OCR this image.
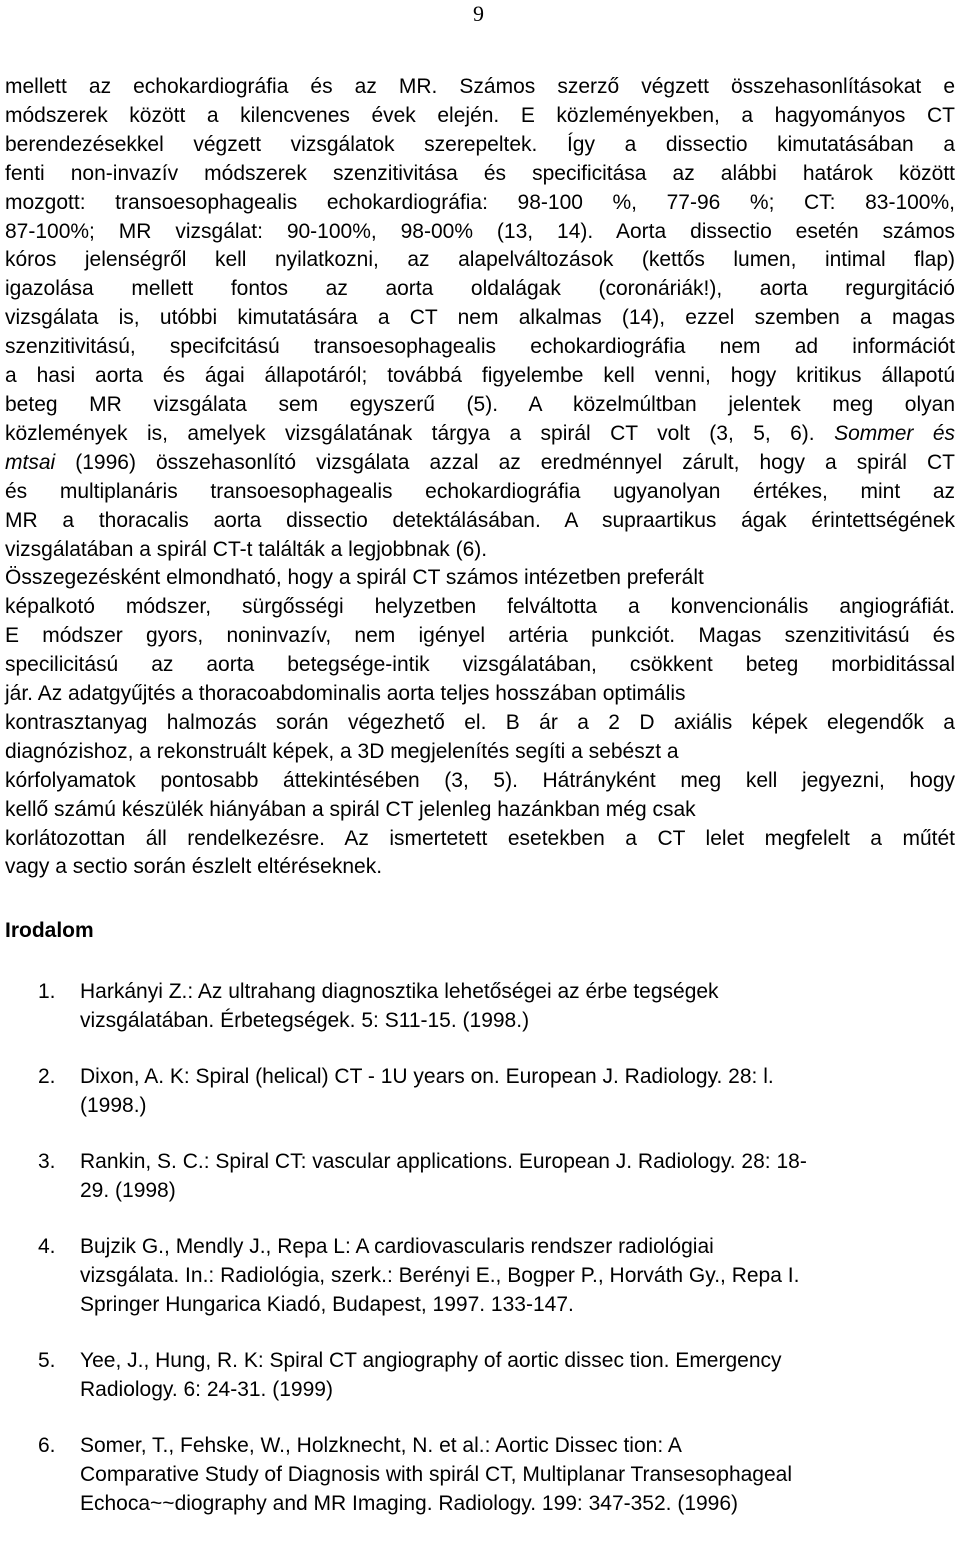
9
mellett az echokardiográfia és az MR. Számos szerző végzett összehasonlításokat e
módszerek között a kilencvenes évek elején. E közleményekben, a hagyományos CT
berendezésekkel végzett vizsgálatok szerepeltek. Így a dissectio kimutatásában a
fenti non-invazív módszerek szenzitivitása és specificitása az alábbi határok között
mozgott: transoesophagealis echokardiográfia: 98-100 %, 77-96 %; CT: 83-100%,
87-100%; MR vizsgálat: 90-100%, 98-00% (13, 14). Aorta dissectio esetén számos
kóros jelenségről kell nyilatkozni, az alapelváltozások (kettős lumen, intimal flap)
igazolása mellett fontos az aorta oldalágak (coronáriák!), aorta regurgitáció
vizsgálata is, utóbbi kimutatására a CT nem alkalmas (14), ezzel szemben a magas
szenzitivitású, specifcitású transoesophagealis echokardiográfia nem ad információt
a hasi aorta és ágai állapotáról; továbbá figyelembe kell venni, hogy kritikus állapotú
beteg MR vizsgálata sem egyszerű (5). A közelmúltban jelentek meg olyan
közlemények is, amelyek vizsgálatának tárgya a spirál CT volt (3, 5, 6). Sommer és
mtsai (1996) összehasonlító vizsgálata azzal az eredménnyel zárult, hogy a spirál CT
és multiplanáris transoesophagealis echokardiográfia ugyanolyan értékes, mint az
MR a thoracalis aorta dissectio detektálásában. A supraartikus ágak érintettségének
vizsgálatában a spirál CT-t találták a legjobbnak (6).
Összegezésként elmondható, hogy a spirál CT számos intézetben preferált
képalkotó módszer, sürgősségi helyzetben felváltotta a konvencionális angiográfiát.
E módszer gyors, noninvazív, nem igényel artéria punkciót. Magas szenzitivitású és
specilicitású az aorta betegsége-intik vizsgálatában, csökkent beteg morbiditással
jár. Az adatgyűjtés a thoracoabdominalis aorta teljes hosszában optimális
kontrasztanyag halmozás során végezhető el. B ár a 2 D axiális képek elegendők a
diagnózishoz, a rekonstruált képek, a 3D megjelenítés segíti a sebészt a
kórfolyamatok pontosabb áttekintésében (3, 5). Hátrányként meg kell jegyezni, hogy
kellő számú készülék hiányában a spirál CT jelenleg hazánkban még csak
korlátozottan áll rendelkezésre. Az ismertetett esetekben a CT lelet megfelelt a műtét
vagy a sectio során észlelt eltéréseknek.
Irodalom
1. Harkányi Z.: Az ultrahang diagnosztika lehetőségei az érbe tegségek
vizsgálatában. Érbetegségek. 5: S11-15. (1998.)
2. Dixon, A. K: Spiral (helical) CT - 1U years on. European J. Radiology. 28: l.
(1998.)
3. Rankin, S. C.: Spiral CT: vascular applications. European J. Radiology. 28: 18-
29. (1998)
4. Bujzik G., Mendly J., Repa L: A cardiovascularis rendszer radiológiai
vizsgálata. In.: Radiológia, szerk.: Berényi E., Bogper P., Horváth Gy., Repa I.
Springer Hungarica Kiadó, Budapest, 1997. 133-147.
5. Yee, J., Hung, R. K: Spiral CT angiography of aortic dissec tion. Emergency
Radiology. 6: 24-31. (1999)
6. Somer, T., Fehske, W., Holzknecht, N. et al.: Aortic Dissec tion: A
Comparative Study of Diagnosis with spirál CT, Multiplanar Transesophageal
Echoca~~diography and MR Imaging. Radiology. 199: 347-352. (1996)
